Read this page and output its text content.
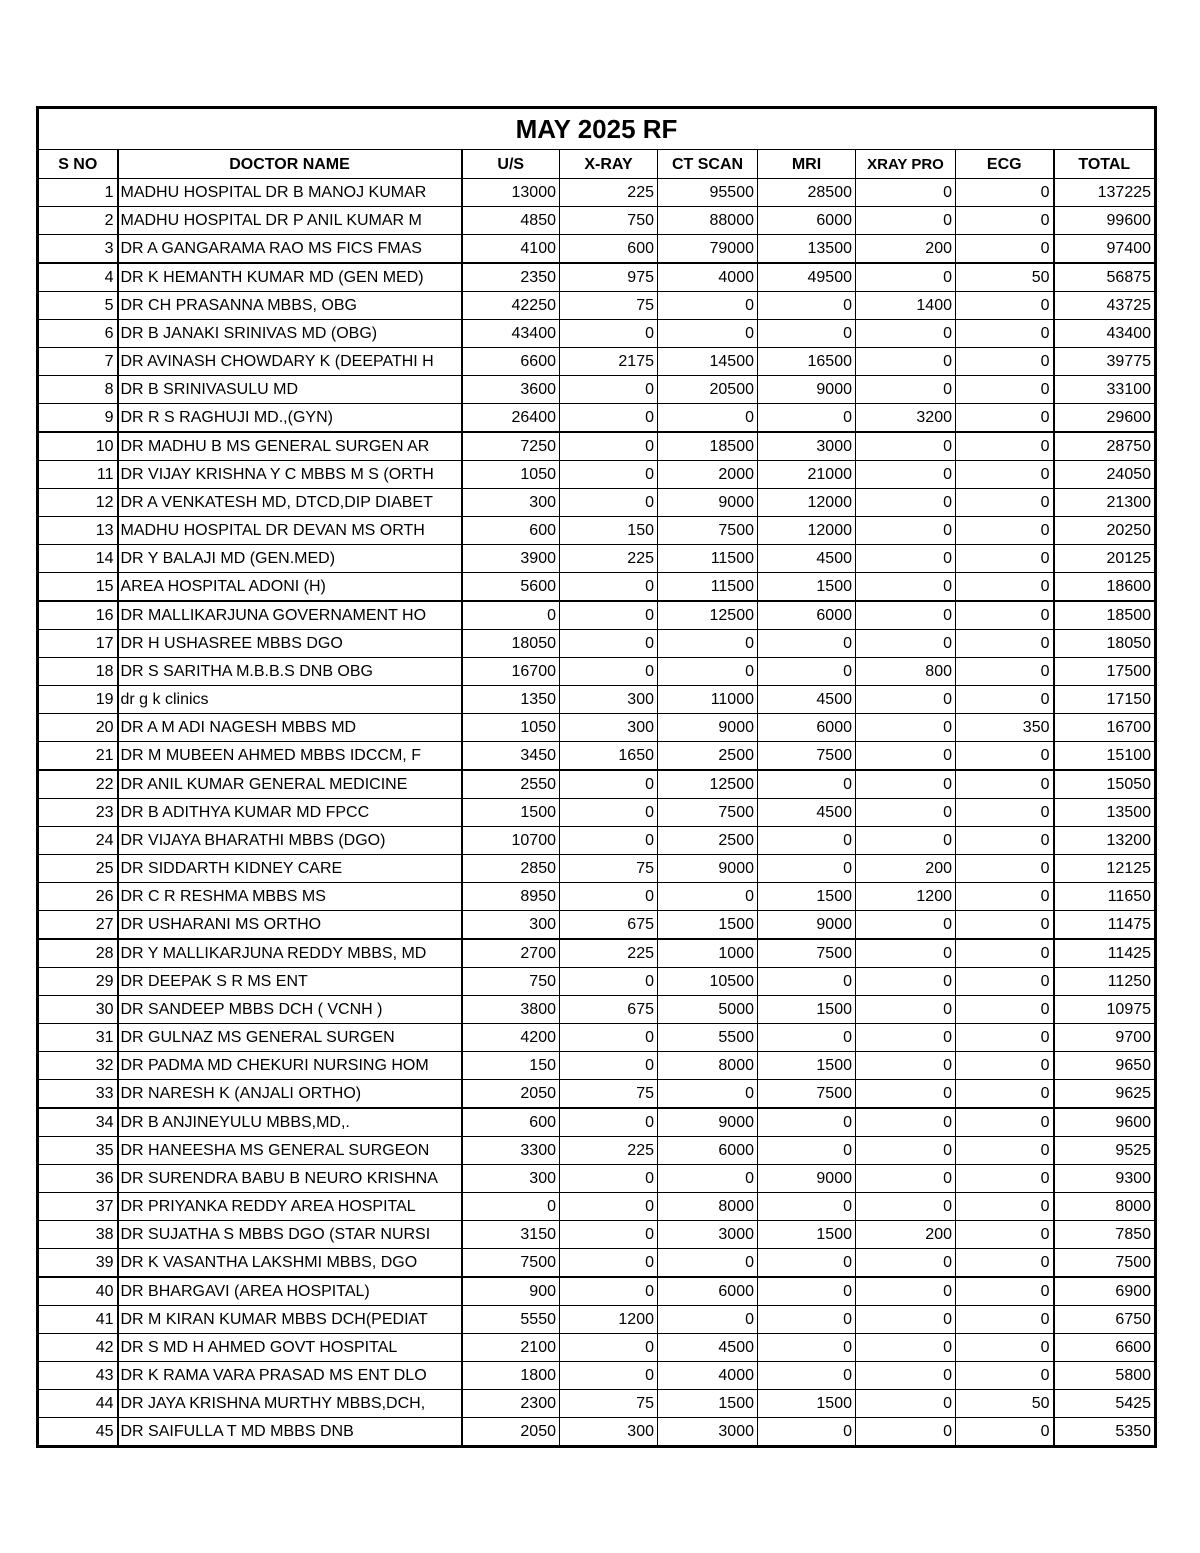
MAY 2025 RF								
S NO	DOCTOR NAME	U/S	X-RAY	CT SCAN	MRI	XRAY PRO	ECG	TOTAL
1	MADHU HOSPITAL DR B MANOJ KUMAR	13000	225	95500	28500	0	0	137225
2	MADHU HOSPITAL DR P ANIL KUMAR M	4850	750	88000	6000	0	0	99600
3	DR A GANGARAMA RAO MS FICS FMAS	4100	600	79000	13500	200	0	97400
4	DR K HEMANTH KUMAR MD (GEN MED)	2350	975	4000	49500	0	50	56875
5	DR CH PRASANNA MBBS, OBG	42250	75	0	0	1400	0	43725
6	DR B JANAKI SRINIVAS MD (OBG)	43400	0	0	0	0	0	43400
7	DR AVINASH CHOWDARY K (DEEPATHI H	6600	2175	14500	16500	0	0	39775
8	DR B SRINIVASULU MD	3600	0	20500	9000	0	0	33100
9	DR R S RAGHUJI MD.,(GYN)	26400	0	0	0	3200	0	29600
10	DR MADHU B MS GENERAL SURGEN AR	7250	0	18500	3000	0	0	28750
11	DR VIJAY KRISHNA Y C MBBS M S (ORTH	1050	0	2000	21000	0	0	24050
12	DR A VENKATESH MD, DTCD,DIP DIABET	300	0	9000	12000	0	0	21300
13	MADHU HOSPITAL DR DEVAN MS ORTH	600	150	7500	12000	0	0	20250
14	DR Y BALAJI MD (GEN.MED)	3900	225	11500	4500	0	0	20125
15	AREA HOSPITAL ADONI (H)	5600	0	11500	1500	0	0	18600
16	DR MALLIKARJUNA GOVERNAMENT HO	0	0	12500	6000	0	0	18500
17	DR H USHASREE MBBS DGO	18050	0	0	0	0	0	18050
18	DR S SARITHA M.B.B.S DNB OBG	16700	0	0	0	800	0	17500
19	dr g k clinics	1350	300	11000	4500	0	0	17150
20	DR A M ADI NAGESH MBBS MD	1050	300	9000	6000	0	350	16700
21	DR M MUBEEN AHMED MBBS IDCCM, F	3450	1650	2500	7500	0	0	15100
22	DR ANIL KUMAR GENERAL MEDICINE	2550	0	12500	0	0	0	15050
23	DR B ADITHYA KUMAR MD FPCC	1500	0	7500	4500	0	0	13500
24	DR VIJAYA BHARATHI MBBS (DGO)	10700	0	2500	0	0	0	13200
25	DR SIDDARTH KIDNEY CARE	2850	75	9000	0	200	0	12125
26	DR C R RESHMA MBBS MS	8950	0	0	1500	1200	0	11650
27	DR USHARANI MS ORTHO	300	675	1500	9000	0	0	11475
28	DR Y MALLIKARJUNA REDDY MBBS, MD	2700	225	1000	7500	0	0	11425
29	DR DEEPAK S R MS ENT	750	0	10500	0	0	0	11250
30	DR SANDEEP MBBS DCH ( VCNH )	3800	675	5000	1500	0	0	10975
31	DR GULNAZ MS GENERAL SURGEN	4200	0	5500	0	0	0	9700
32	DR PADMA MD CHEKURI NURSING HOM	150	0	8000	1500	0	0	9650
33	DR NARESH K (ANJALI ORTHO)	2050	75	0	7500	0	0	9625
34	DR B ANJINEYULU MBBS,MD,.	600	0	9000	0	0	0	9600
35	DR HANEESHA MS GENERAL SURGEON	3300	225	6000	0	0	0	9525
36	DR SURENDRA BABU B NEURO KRISHNA	300	0	0	9000	0	0	9300
37	DR PRIYANKA REDDY AREA HOSPITAL	0	0	8000	0	0	0	8000
38	DR SUJATHA S MBBS DGO (STAR NURSI	3150	0	3000	1500	200	0	7850
39	DR K VASANTHA LAKSHMI MBBS, DGO	7500	0	0	0	0	0	7500
40	DR BHARGAVI (AREA HOSPITAL)	900	0	6000	0	0	0	6900
41	DR M KIRAN KUMAR MBBS DCH(PEDIAT	5550	1200	0	0	0	0	6750
42	DR S MD H AHMED GOVT HOSPITAL	2100	0	4500	0	0	0	6600
43	DR K RAMA VARA PRASAD MS ENT DLO	1800	0	4000	0	0	0	5800
44	DR JAYA KRISHNA MURTHY MBBS,DCH,	2300	75	1500	1500	0	50	5425
45	DR SAIFULLA T MD MBBS DNB	2050	300	3000	0	0	0	5350
